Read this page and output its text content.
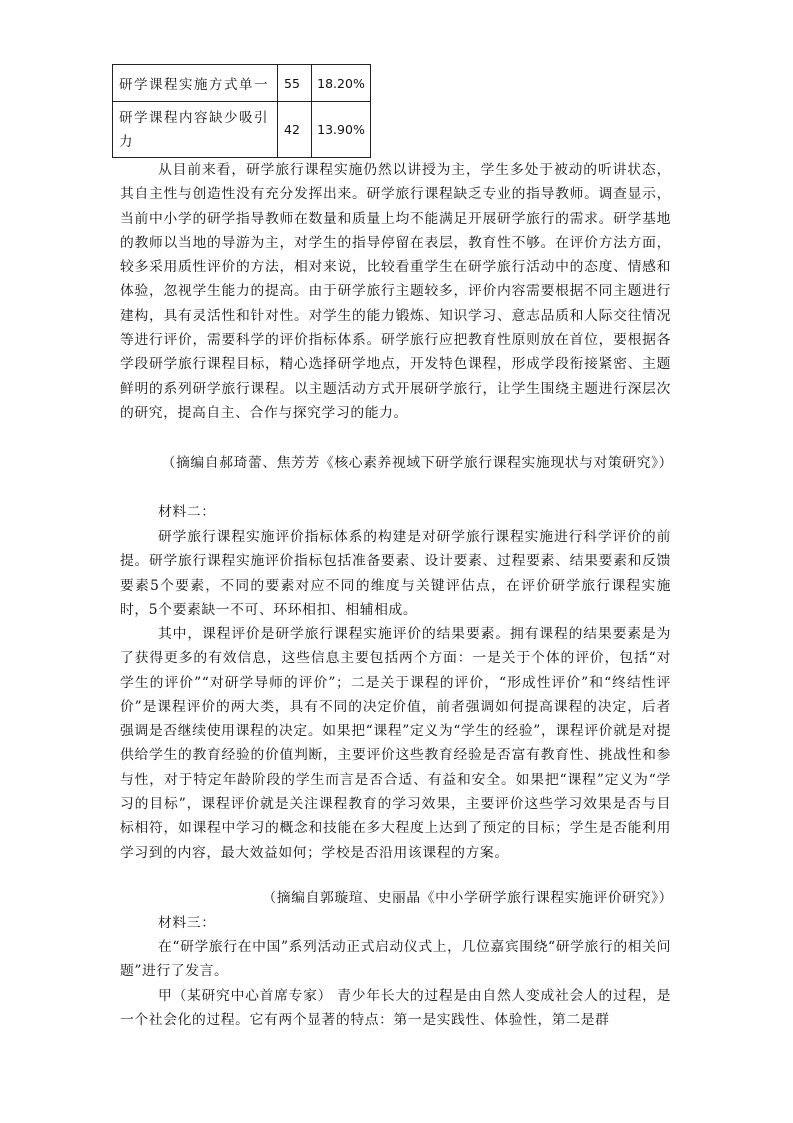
研学课程实施方式单一	55	18.20%
研学课程内容缺少吸引力	42	13.90%
从目前来看，研学旅行课程实施仍然以讲授为主，学生多处于被动的听讲状态，其自主性与创造性没有充分发挥出来。研学旅行课程缺乏专业的指导教师。调查显示，当前中小学的研学指导教师在数量和质量上均不能满足开展研学旅行的需求。研学基地的教师以当地的导游为主，对学生的指导停留在表层，教育性不够。在评价方法方面，较多采用质性评价的方法，相对来说，比较看重学生在研学旅行活动中的态度、情感和体验，忽视学生能力的提高。由于研学旅行主题较多，评价内容需要根据不同主题进行建构，具有灵活性和针对性。对学生的能力锻炼、知识学习、意志品质和人际交往情况等进行评价，需要科学的评价指标体系。研学旅行应把教育性原则放在首位，要根据各学段研学旅行课程目标，精心选择研学地点，开发特色课程，形成学段衔接紧密、主题鲜明的系列研学旅行课程。以主题活动方式开展研学旅行，让学生围绕主题进行深层次的研究，提高自主、合作与探究学习的能力。
（摘编自郝琦蕾、焦芳芳《核心素养视域下研学旅行课程实施现状与对策研究》）
材料二：
研学旅行课程实施评价指标体系的构建是对研学旅行课程实施进行科学评价的前提。研学旅行课程实施评价指标包括准备要素、设计要素、过程要素、结果要素和反馈要素5个要素，不同的要素对应不同的维度与关键评估点，在评价研学旅行课程实施时，5个要素缺一不可、环环相扣、相辅相成。
其中，课程评价是研学旅行课程实施评价的结果要素。拥有课程的结果要素是为了获得更多的有效信息，这些信息主要包括两个方面：一是关于个体的评价，包括“对学生的评价”“对研学导师的评价”；二是关于课程的评价，“形成性评价”和“终结性评价”是课程评价的两大类，具有不同的决定价值，前者强调如何提高课程的决定，后者强调是否继续使用课程的决定。如果把“课程”定义为“学生的经验”，课程评价就是对提供给学生的教育经验的价值判断，主要评价这些教育经验是否富有教育性、挑战性和参与性，对于特定年龄阶段的学生而言是否合适、有益和安全。如果把“课程”定义为“学习的目标”，课程评价就是关注课程教育的学习效果，主要评价这些学习效果是否与目标相符，如课程中学习的概念和技能在多大程度上达到了预定的目标；学生是否能利用学习到的内容，最大效益如何；学校是否沿用该课程的方案。
（摘编自郭璇瑄、史丽晶《中小学研学旅行课程实施评价研究》）
材料三：
在“研学旅行在中国”系列活动正式启动仪式上，几位嘉宾围绕“研学旅行的相关问题”进行了发言。
甲（某研究中心首席专家） 青少年长大的过程是由自然人变成社会人的过程，是一个社会化的过程。它有两个显著的特点：第一是实践性、体验性，第二是群
